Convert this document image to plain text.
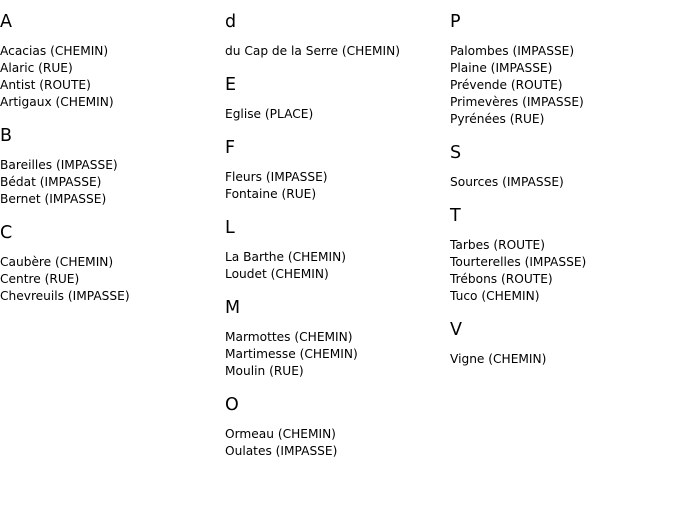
A
Acacias (CHEMIN)
Alaric (RUE)
Antist (ROUTE)
Artigaux (CHEMIN)
B
Bareilles (IMPASSE)
Bédat (IMPASSE)
Bernet (IMPASSE)
C
Caubère (CHEMIN)
Centre (RUE)
Chevreuils (IMPASSE)
d
du Cap de la Serre (CHEMIN)
E
Eglise (PLACE)
F
Fleurs (IMPASSE)
Fontaine (RUE)
L
La Barthe (CHEMIN)
Loudet (CHEMIN)
M
Marmottes (CHEMIN)
Martimesse (CHEMIN)
Moulin (RUE)
O
Ormeau (CHEMIN)
Oulates (IMPASSE)
P
Palombes (IMPASSE)
Plaine (IMPASSE)
Prévende (ROUTE)
Primevères (IMPASSE)
Pyrénées (RUE)
S
Sources (IMPASSE)
T
Tarbes (ROUTE)
Tourterelles (IMPASSE)
Trébons (ROUTE)
Tuco (CHEMIN)
V
Vigne (CHEMIN)
